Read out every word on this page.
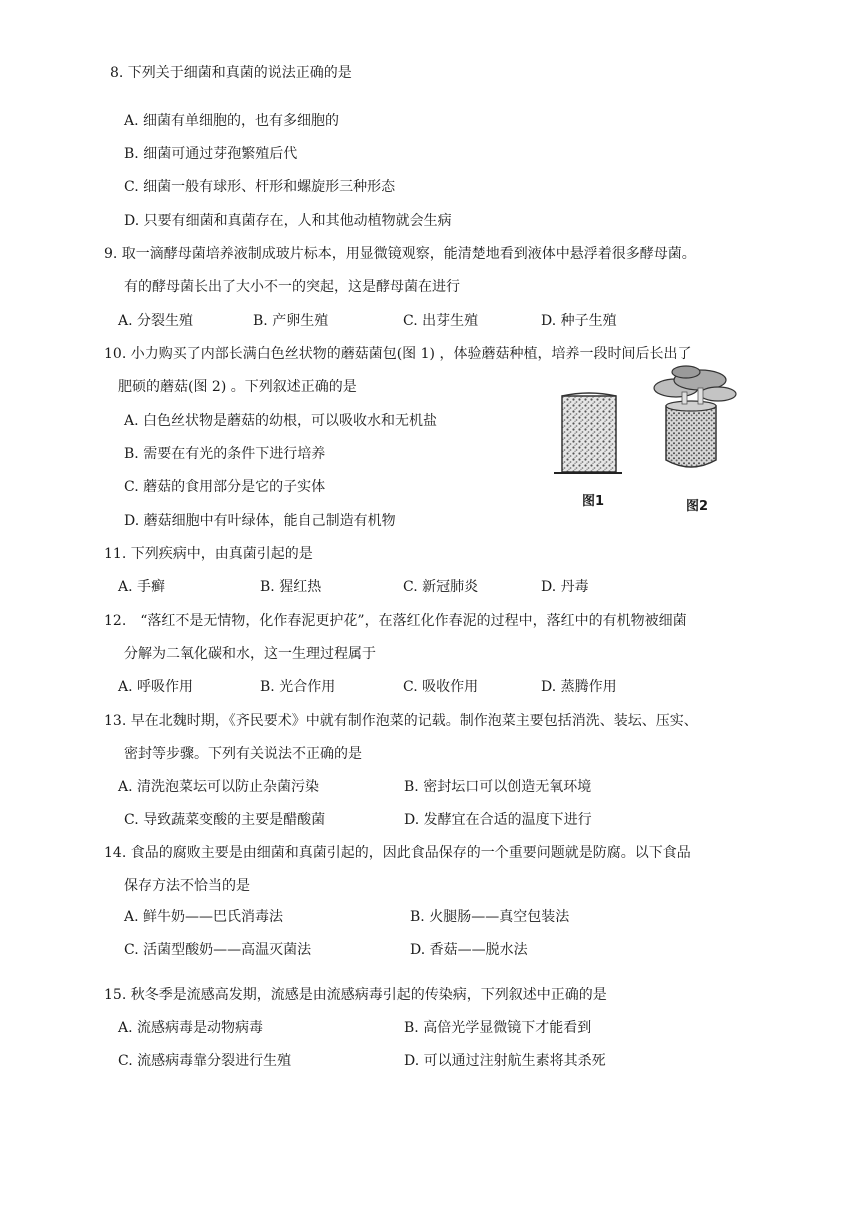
8. 下列关于细菌和真菌的说法正确的是
A. 细菌有单细胞的，也有多细胞的
B. 细菌可通过芽孢繁殖后代
C. 细菌一般有球形、杆形和螺旋形三种形态
D. 只要有细菌和真菌存在，人和其他动植物就会生病
9. 取一滴酵母菌培养液制成玻片标本，用显微镜观察，能清楚地看到液体中悬浮着很多酵母菌。
有的酵母菌长出了大小不一的突起，这是酵母菌在进行
A. 分裂生殖	B. 产卵生殖	C. 出芽生殖	D. 种子生殖
10. 小力购买了内部长满白色丝状物的蘑菇菌包(图 1) ，体验蘑菇种植，培养一段时间后长出了
肥硕的蘑菇(图 2) 。下列叙述正确的是
A. 白色丝状物是蘑菇的幼根，可以吸收水和无机盐
B. 需要在有光的条件下进行培养
C. 蘑菇的食用部分是它的子实体
D. 蘑菇细胞中有叶绿体，能自己制造有机物
图1	图2
11. 下列疾病中，由真菌引起的是
A. 手癣	B. 猩红热	C. 新冠肺炎	D. 丹毒
12.　“落红不是无情物，化作春泥更护花”，在落红化作春泥的过程中，落红中的有机物被细菌
分解为二氧化碳和水，这一生理过程属于
A. 呼吸作用	B. 光合作用	C. 吸收作用	D. 蒸腾作用
13. 早在北魏时期，《齐民要术》中就有制作泡菜的记载。制作泡菜主要包括消洗、装坛、压实、
密封等步骤。下列有关说法不正确的是
A. 清洗泡菜坛可以防止杂菌污染	B. 密封坛口可以创造无氧环境
C. 导致蔬菜变酸的主要是醋酸菌	D. 发酵宜在合适的温度下进行
14. 食品的腐败主要是由细菌和真菌引起的，因此食品保存的一个重要问题就是防腐。以下食品
保存方法不恰当的是
A. 鲜牛奶——巴氏消毒法	B. 火腿肠——真空包装法
C. 活菌型酸奶——高温灭菌法	D. 香菇——脱水法
15. 秋冬季是流感高发期，流感是由流感病毒引起的传染病，下列叙述中正确的是
A. 流感病毒是动物病毒	B. 高倍光学显微镜下才能看到
C. 流感病毒靠分裂进行生殖	D. 可以通过注射航生素将其杀死
